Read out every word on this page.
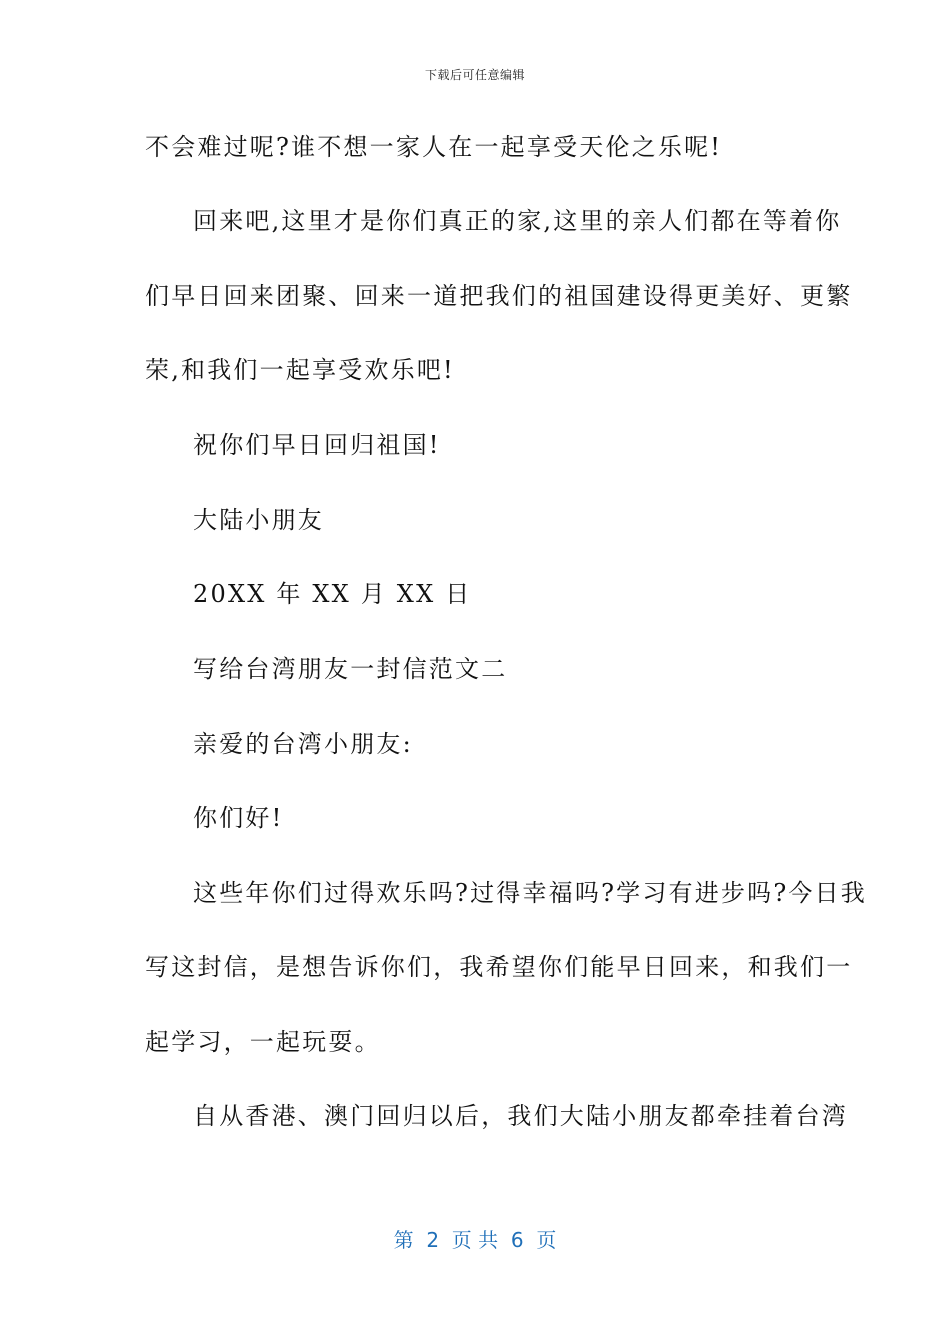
下载后可任意编辑
不会难过呢?谁不想一家人在一起享受天伦之乐呢!
回来吧,这里才是你们真正的家,这里的亲人们都在等着你
们早日回来团聚、回来一道把我们的祖国建设得更美好、更繁
荣,和我们一起享受欢乐吧!
祝你们早日回归祖国!
大陆小朋友
20XX 年 XX 月 XX 日
写给台湾朋友一封信范文二
亲爱的台湾小朋友:
你们好!
这些年你们过得欢乐吗?过得幸福吗?学习有进步吗?今日我
写这封信，是想告诉你们，我希望你们能早日回来，和我们一
起学习，一起玩耍。
自从香港、澳门回归以后，我们大陆小朋友都牵挂着台湾
第  2  页 共  6  页
